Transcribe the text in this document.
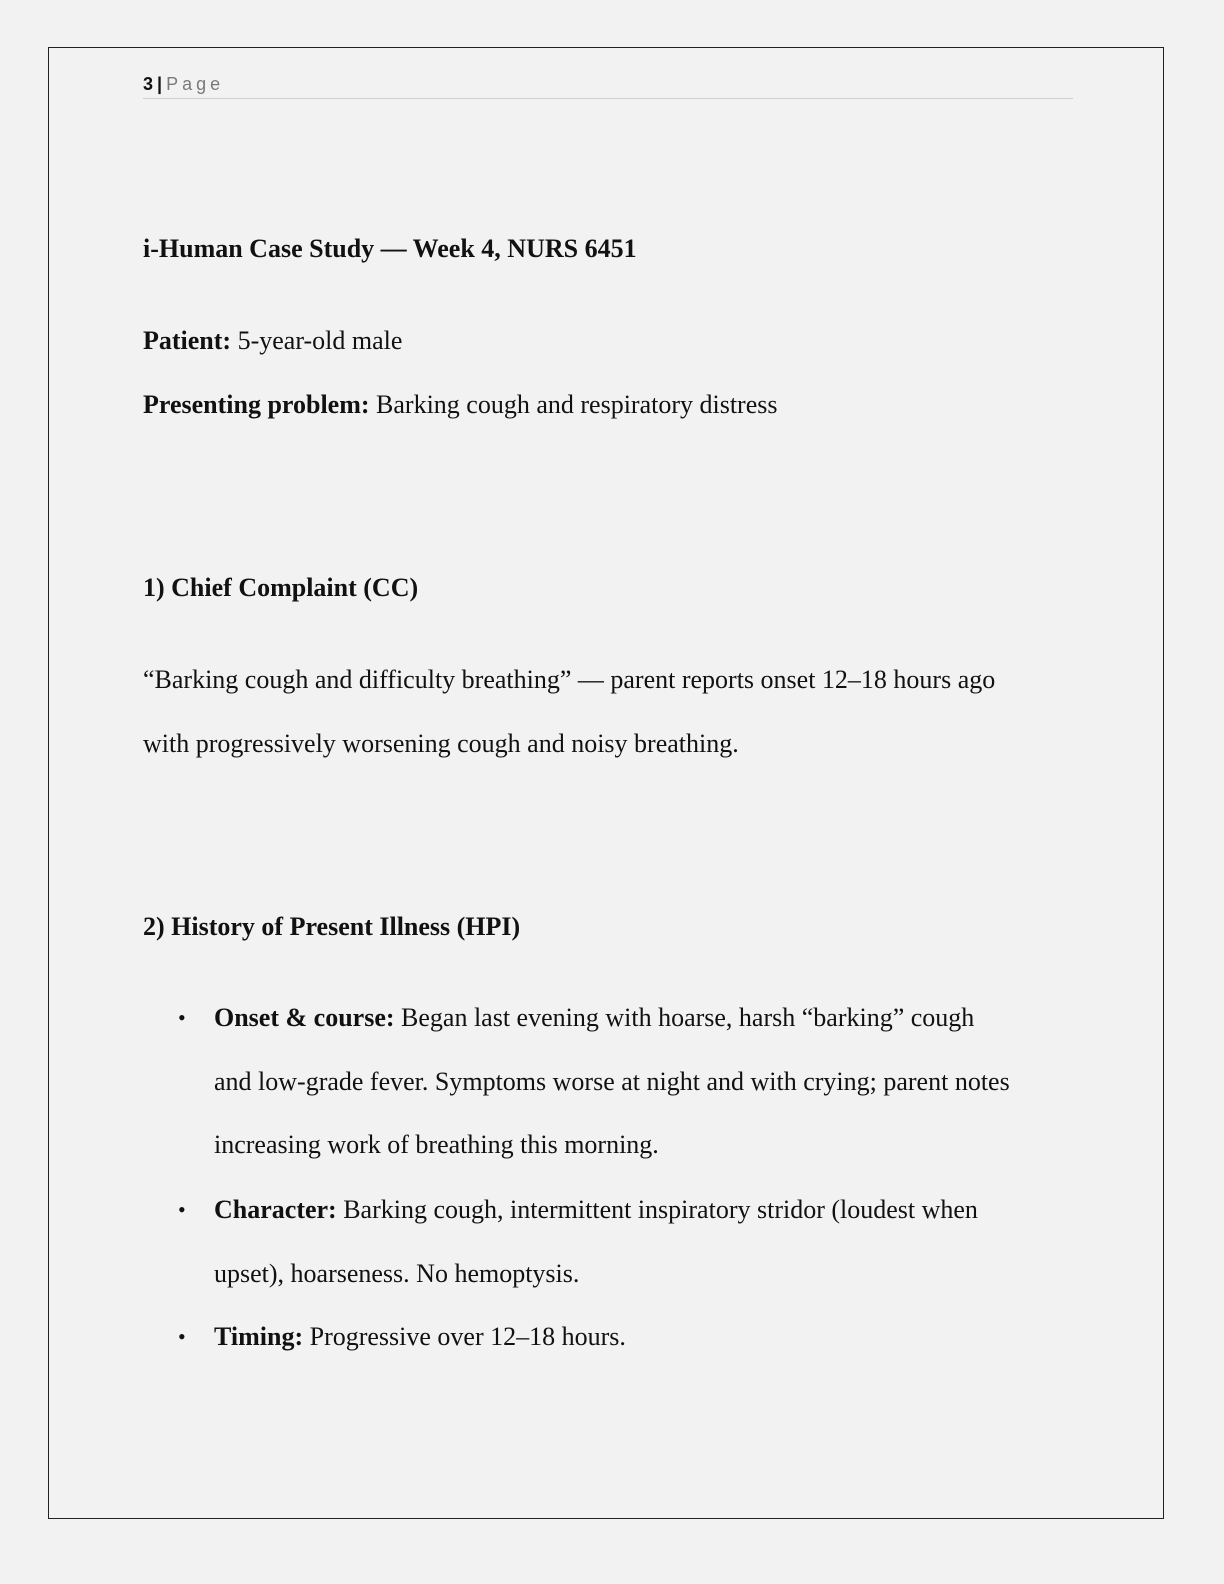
3 | Page
i-Human Case Study — Week 4, NURS 6451
Patient: 5-year-old male
Presenting problem: Barking cough and respiratory distress
1) Chief Complaint (CC)
“Barking cough and difficulty breathing” — parent reports onset 12–18 hours ago
with progressively worsening cough and noisy breathing.
2) History of Present Illness (HPI)
• Onset & course: Began last evening with hoarse, harsh “barking” cough
and low-grade fever. Symptoms worse at night and with crying; parent notes
increasing work of breathing this morning.
• Character: Barking cough, intermittent inspiratory stridor (loudest when
upset), hoarseness. No hemoptysis.
• Timing: Progressive over 12–18 hours.
